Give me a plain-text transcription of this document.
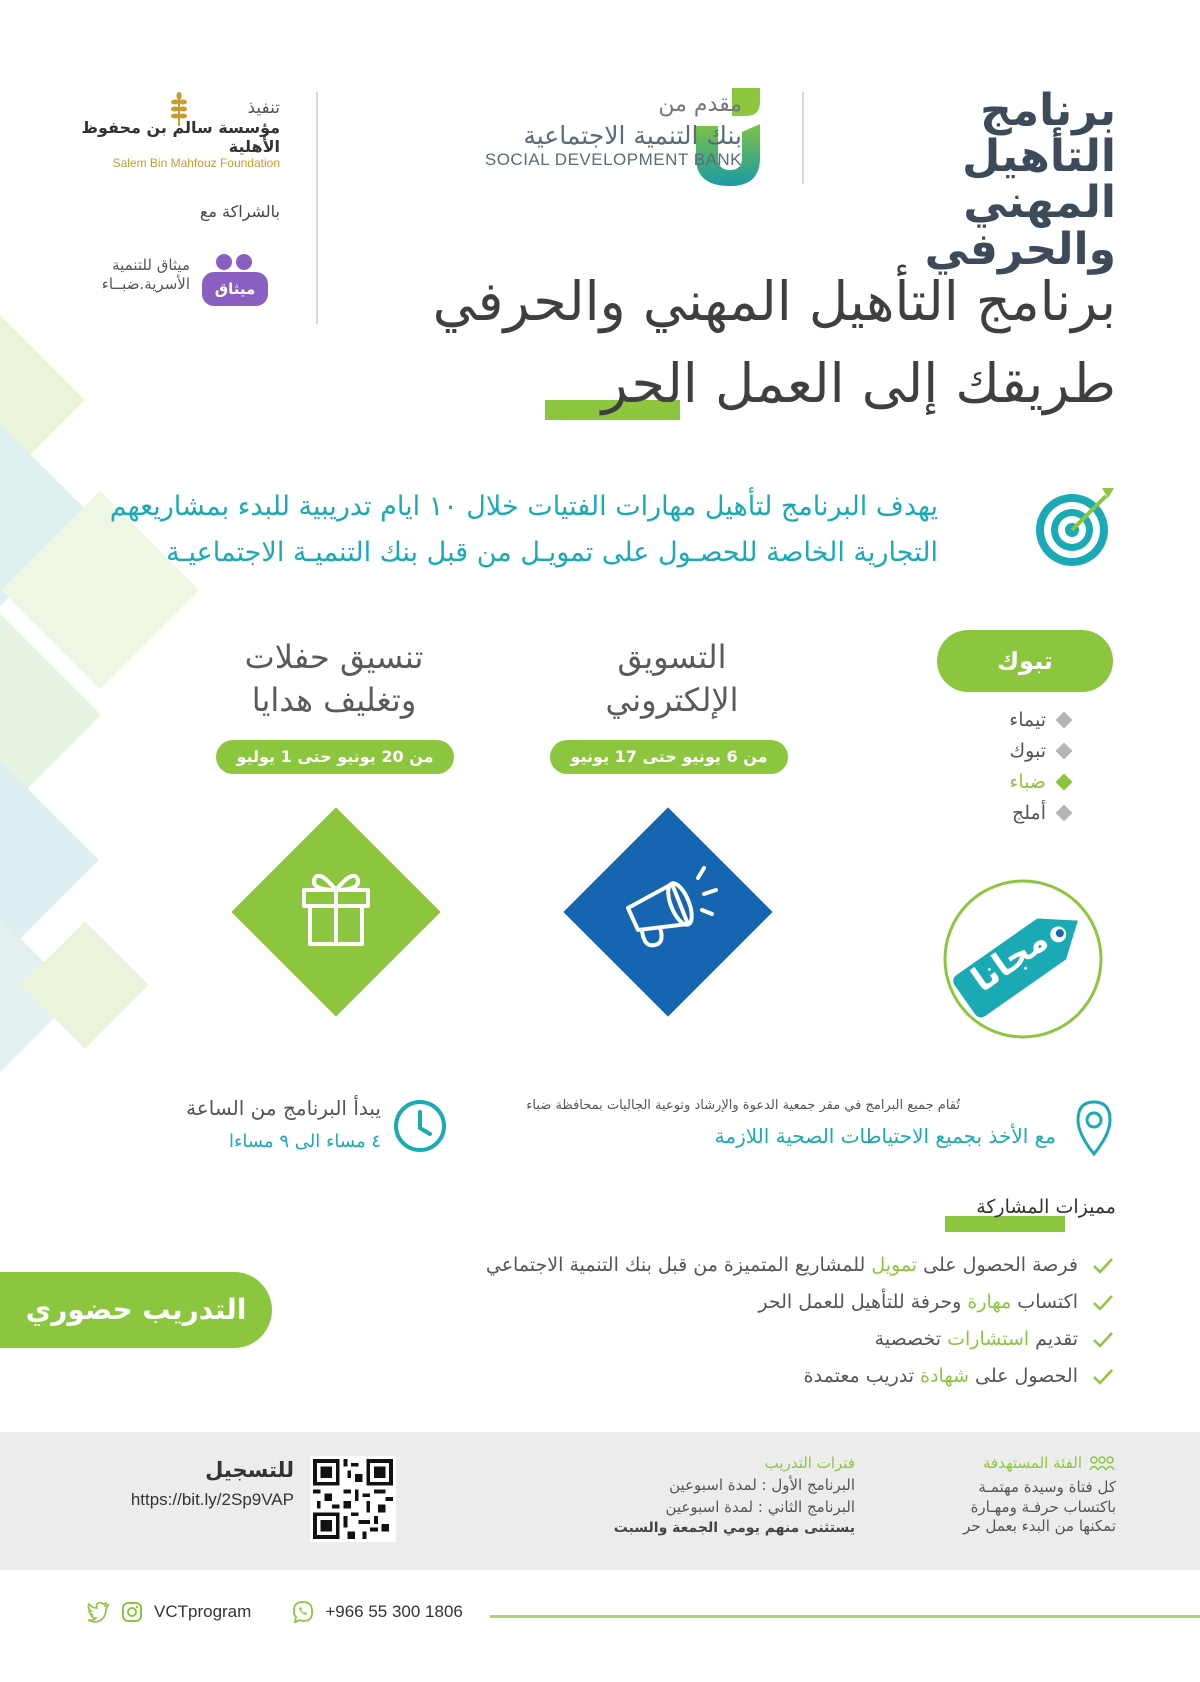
برنامج التأهيل
المهني والحرفي
مقدم من
بنك التنمية الاجتماعية
SOCIAL DEVELOPMENT BANK
تنفيذ
مؤسسة سالم بن محفوظ الأهلية
Salem Bin Mahfouz Foundation
بالشراكة مع
ميثاق للتنمية
الأسرية.ضبــاء	ميثاق	برنامج التأهيل المهني والحرفي
طريقك إلى العمل الحر
يهدف البرنامج لتأهيل مهارات الفتيات خلال ١٠ ايام تدريبية للبدء بمشاريعهم
التجارية الخاصة للحصـول على تمويـل من قبل بنك التنميـة الاجتماعيـة
التسويق
الإلكتروني
من 6 يونيو حتى 17 يونيو
تنسيق حفلات
وتغليف هدايا
من 20 يونيو حتى 1 يوليو
تبوك
تيماء
تبوك
ضباء
أملج
مجانا
تُقام جميع البرامج في مقر جمعية الدعوة والإرشاد وتوعية الجاليات بمحافظة ضباء
مع الأخذ بجميع الاحتياطات الصحية اللازمة
يبدأ البرنامج من الساعة
٤ مساء الى ٩ مساءا
مميزات المشاركة
فرصة الحصول على تمويل للمشاريع المتميزة من قبل بنك التنمية الاجتماعي
اكتساب مهارة وحرفة للتأهيل للعمل الحر
تقديم استشارات تخصصية
الحصول على شهادة تدريب معتمدة
التدريب حضوري
الفئة المستهدفة
كل فتاة وسيدة مهتمـة
باكتساب حرفـة ومهـارة
تمكنها من البدء بعمل حر
فترات التدريب
البرنامج الأول : لمدة اسبوعين
البرنامج الثاني : لمدة اسبوعين
يستثنى منهم يومي الجمعة والسبت
للتسجيل
https://bit.ly/2Sp9VAP
VCTprogram	+966 55 300 1806
